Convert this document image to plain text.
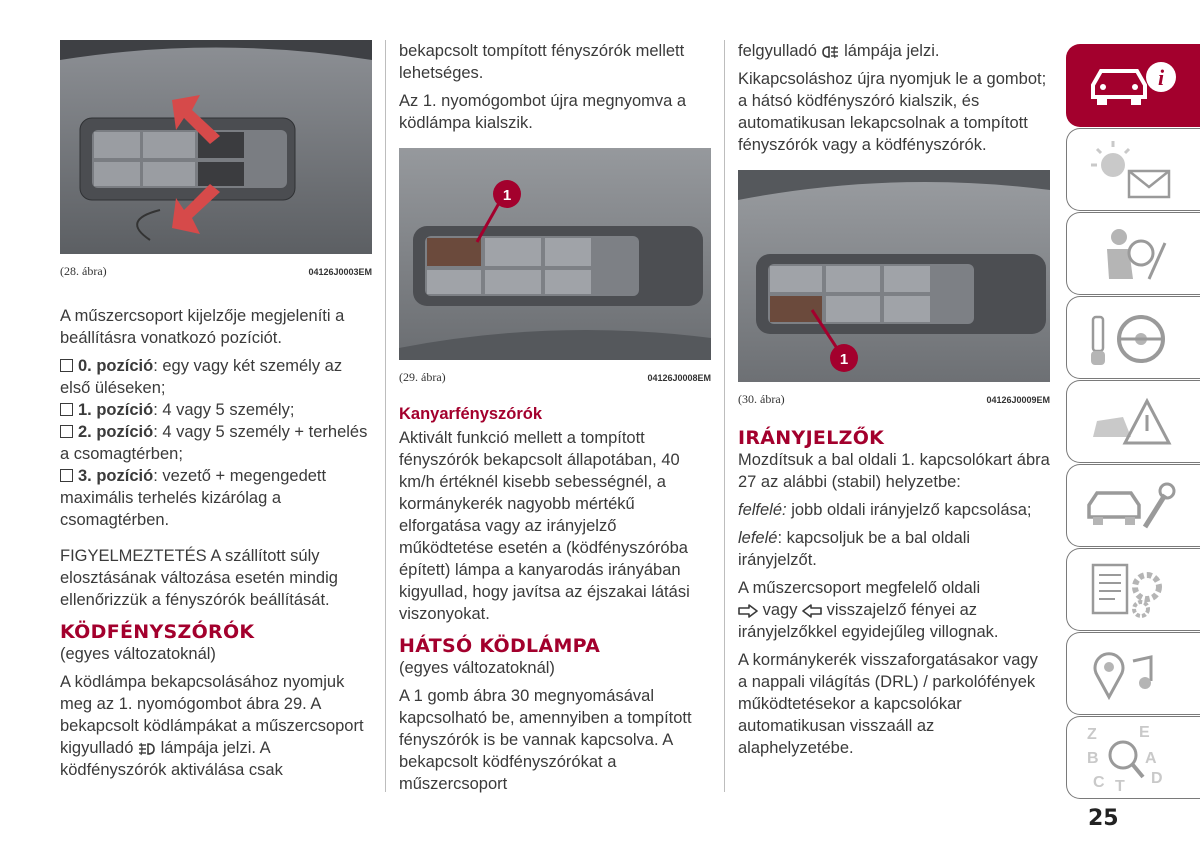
(28. ábra)	04126J0003EM

A műszercsoport kijelzője megjeleníti a beállításra vonatkozó pozíciót.

0. pozíció: egy vagy két személy az első üléseken;
1. pozíció: 4 vagy 5 személy;
2. pozíció: 4 vagy 5 személy + terhelés a csomagtérben;
3. pozíció: vezető + megengedett maximális terhelés kizárólag a csomagtérben.

FIGYELMEZTETÉS A szállított súly elosztásának változása esetén mindig ellenőrizzük a fényszórók beállítását.

KÖDFÉNYSZÓRÓK
(egyes változatoknál)

A ködlámpa bekapcsolásához nyomjuk meg az 1. nyomógombot ábra 29. A bekapcsolt ködlámpákat a műszercsoport kigyulladó lámpája jelzi. A ködfényszórók aktiválása csak

bekapcsolt tompított fényszórók mellett lehetséges.

Az 1. nyomógombot újra megnyomva a ködlámpa kialszik.

1
(29. ábra)	04126J0008EM
Kanyarfényszórók

Aktivált funkció mellett a tompított fényszórók bekapcsolt állapotában, 40 km/h értéknél kisebb sebességnél, a kormánykerék nagyobb mértékű elforgatása vagy az irányjelző működtetése esetén a (ködfényszóróba épített) lámpa a kanyarodás irányában kigyullad, hogy javítsa az éjszakai látási viszonyokat.

HÁTSÓ KÖDLÁMPA
(egyes változatoknál)

A 1 gomb ábra 30 megnyomásával kapcsolható be, amennyiben a tompított fényszórók is be vannak kapcsolva. A bekapcsolt ködfényszórókat a műszercsoport

felgyulladó lámpája jelzi.

Kikapcsoláshoz újra nyomjuk le a gombot; a hátsó ködfényszóró kialszik, és automatikusan lekapcsolnak a tompított fényszórók vagy a ködfényszórók.

1
(30. ábra)	04126J0009EM
IRÁNYJELZŐK

Mozdítsuk a bal oldali 1. kapcsolókart ábra 27 az alábbi (stabil) helyzetbe:

felfelé: jobb oldali irányjelző kapcsolása;

lefelé: kapcsoljuk be a bal oldali irányjelzőt.

A műszercsoport megfelelő oldali
vagy visszajelző fényei az irányjelzőkkel egyidejűleg villognak.

A kormánykerék visszaforgatásakor vagy a nappali világítás (DRL) / parkolófények működtetésekor a kapcsolókar automatikusan visszaáll az alaphelyzetébe.

i
Z	E
B	A
C	D
T
25
